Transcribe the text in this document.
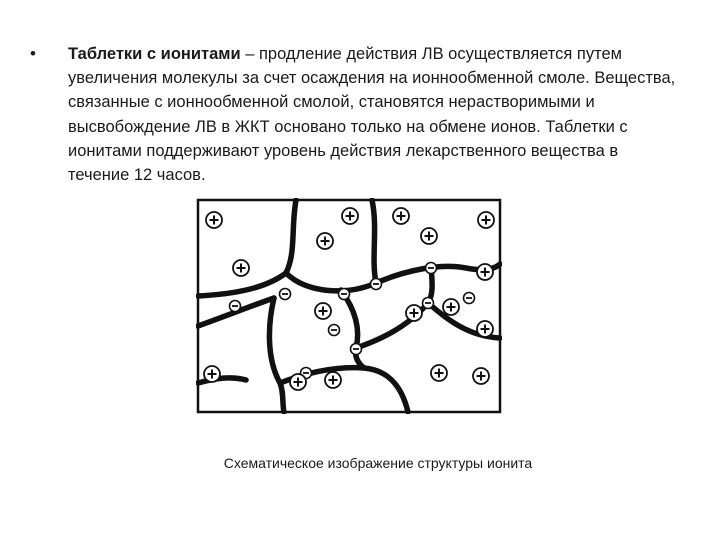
• Таблетки с ионитами – продление действия ЛВ осуществляется путем увеличения молекулы за счет осаждения на ионнообменной смоле. Вещества, связанные с ионнообменной смолой, становятся нерастворимыми и высвобождение ЛВ в ЖКТ основано только на обмене ионов. Таблетки с ионитами поддерживают уровень действия лекарственного вещества в течение 12 часов.
Схематическое изображение структуры ионита
